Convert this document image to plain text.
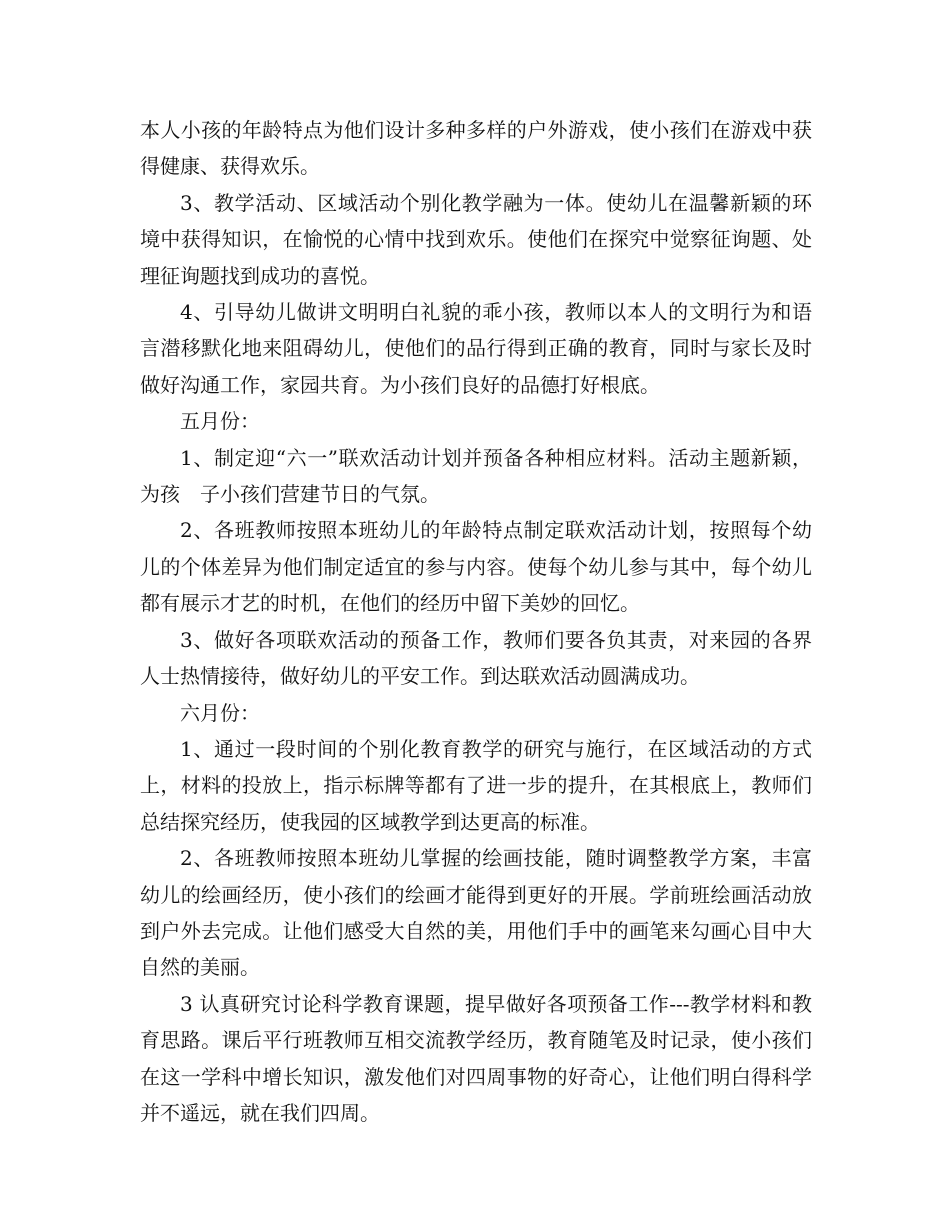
本人小孩的年龄特点为他们设计多种多样的户外游戏，使小孩们在游戏中获得健康、获得欢乐。

3、教学活动、区域活动个别化教学融为一体。使幼儿在温馨新颖的环境中获得知识，在愉悦的心情中找到欢乐。使他们在探究中觉察征询题、处理征询题找到成功的喜悦。

4、引导幼儿做讲文明明白礼貌的乖小孩，教师以本人的文明行为和语言潜移默化地来阻碍幼儿，使他们的品行得到正确的教育，同时与家长及时做好沟通工作，家园共育。为小孩们良好的品德打好根底。

五月份：

1、制定迎“六一”联欢活动计划并预备各种相应材料。活动主题新颖，为孩　子小孩们营建节日的气氛。

2、各班教师按照本班幼儿的年龄特点制定联欢活动计划，按照每个幼儿的个体差异为他们制定适宜的参与内容。使每个幼儿参与其中，每个幼儿都有展示才艺的时机，在他们的经历中留下美妙的回忆。

3、做好各项联欢活动的预备工作，教师们要各负其责，对来园的各界人士热情接待，做好幼儿的平安工作。到达联欢活动圆满成功。

六月份：

1、通过一段时间的个别化教育教学的研究与施行，在区域活动的方式上，材料的投放上，指示标牌等都有了进一步的提升，在其根底上，教师们总结探究经历，使我园的区域教学到达更高的标准。

2、各班教师按照本班幼儿掌握的绘画技能，随时调整教学方案，丰富幼儿的绘画经历，使小孩们的绘画才能得到更好的开展。学前班绘画活动放到户外去完成。让他们感受大自然的美，用他们手中的画笔来勾画心目中大自然的美丽。

3 认真研究讨论科学教育课题，提早做好各项预备工作---教学材料和教育思路。课后平行班教师互相交流教学经历，教育随笔及时记录，使小孩们在这一学科中增长知识，激发他们对四周事物的好奇心，让他们明白得科学并不遥远，就在我们四周。
